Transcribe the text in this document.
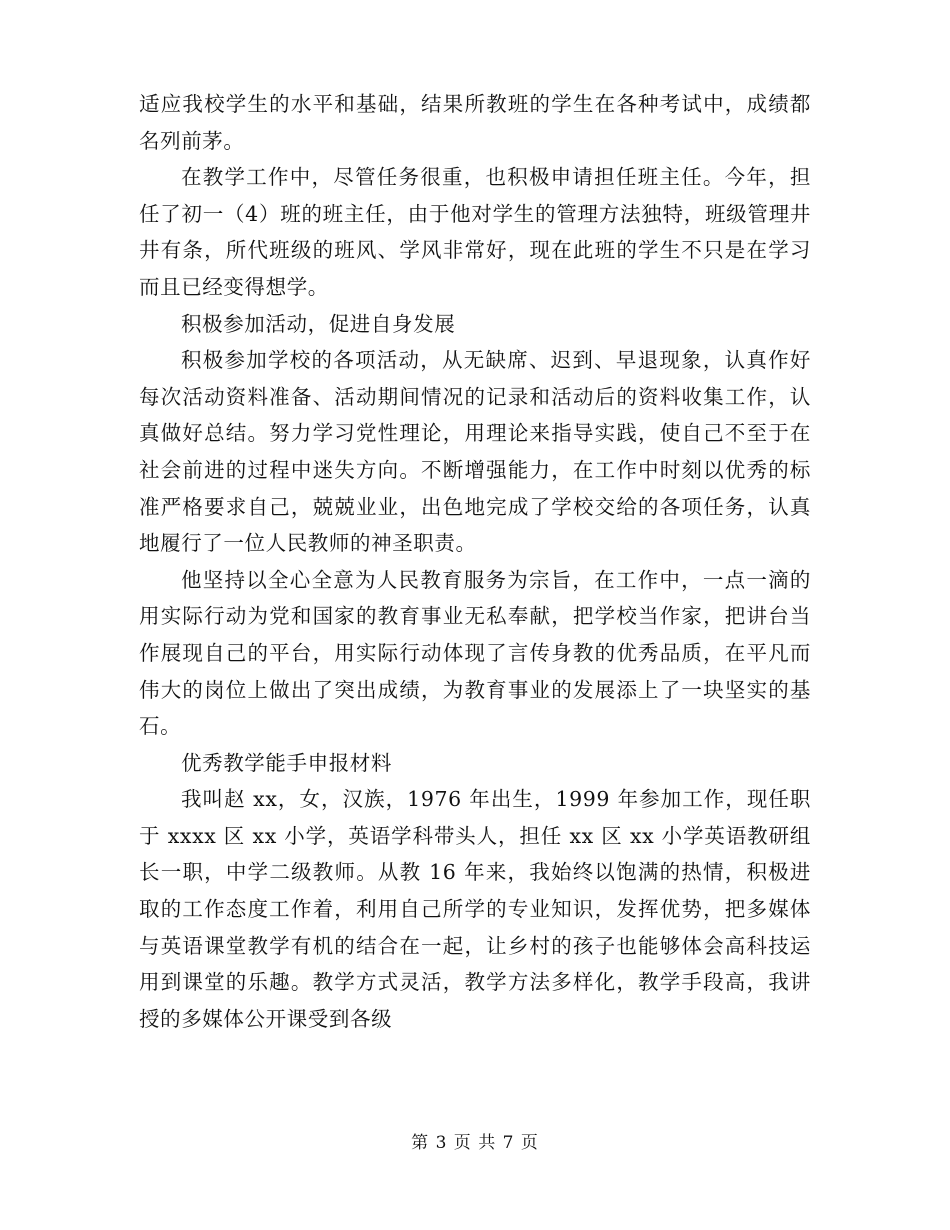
适应我校学生的水平和基础，结果所教班的学生在各种考试中，成绩都名列前茅。

在教学工作中，尽管任务很重，也积极申请担任班主任。今年，担任了初一（4）班的班主任，由于他对学生的管理方法独特，班级管理井井有条，所代班级的班风、学风非常好，现在此班的学生不只是在学习而且已经变得想学。

积极参加活动，促进自身发展

积极参加学校的各项活动，从无缺席、迟到、早退现象，认真作好每次活动资料准备、活动期间情况的记录和活动后的资料收集工作，认真做好总结。努力学习党性理论，用理论来指导实践，使自己不至于在社会前进的过程中迷失方向。不断增强能力，在工作中时刻以优秀的标准严格要求自己，兢兢业业，出色地完成了学校交给的各项任务，认真地履行了一位人民教师的神圣职责。

他坚持以全心全意为人民教育服务为宗旨，在工作中，一点一滴的用实际行动为党和国家的教育事业无私奉献，把学校当作家，把讲台当作展现自己的平台，用实际行动体现了言传身教的优秀品质，在平凡而伟大的岗位上做出了突出成绩，为教育事业的发展添上了一块坚实的基石。

优秀教学能手申报材料

我叫赵 xx，女，汉族，1976 年出生，1999 年参加工作，现任职于 xxxx 区 xx 小学，英语学科带头人，担任 xx 区 xx 小学英语教研组长一职，中学二级教师。从教 16 年来，我始终以饱满的热情，积极进取的工作态度工作着，利用自己所学的专业知识，发挥优势，把多媒体与英语课堂教学有机的结合在一起，让乡村的孩子也能够体会高科技运用到课堂的乐趣。教学方式灵活，教学方法多样化，教学手段高，我讲授的多媒体公开课受到各级

第 3 页 共 7 页
